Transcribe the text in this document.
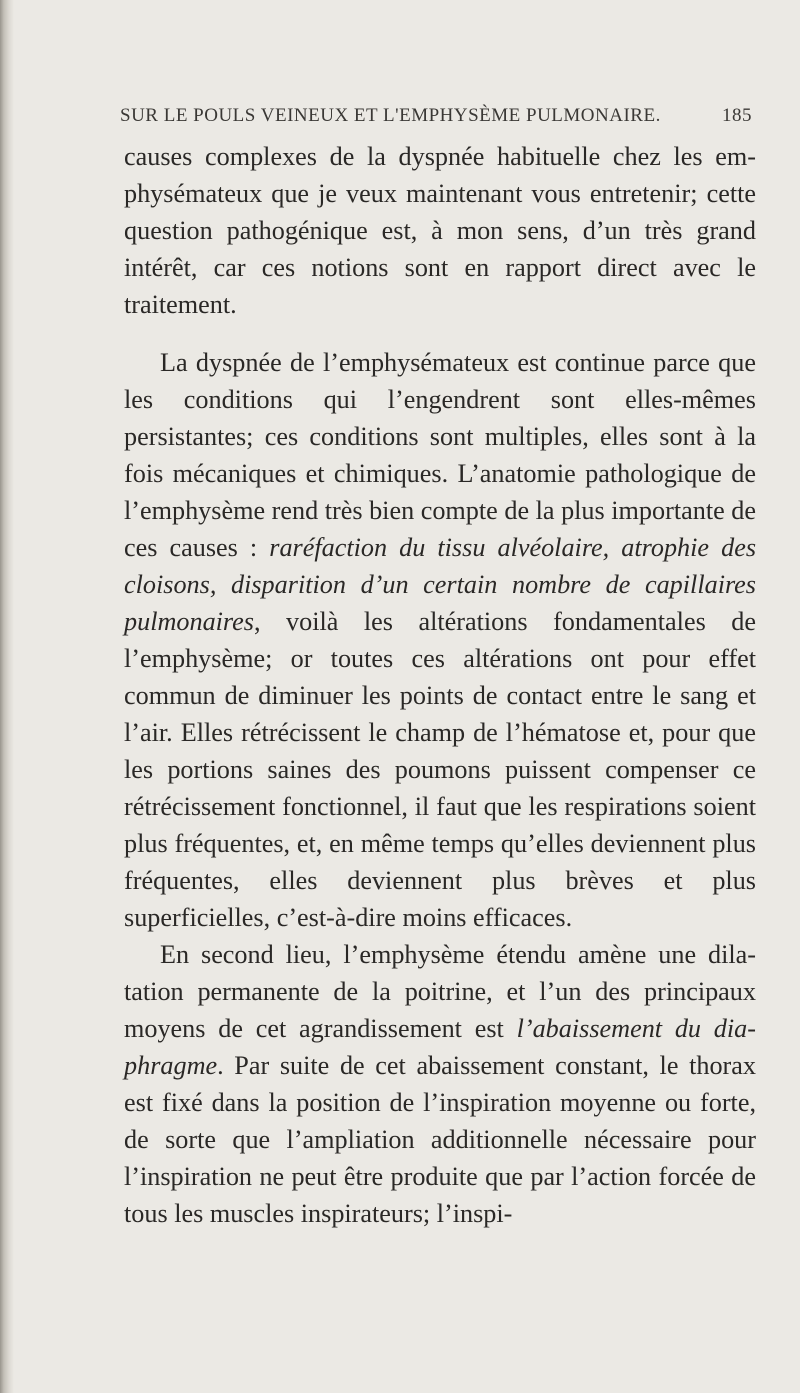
SUR LE POULS VEINEUX ET L'EMPHYSÈME PULMONAIRE.	185

causes complexes de la dyspnée habituelle chez les emphysémateux que je veux maintenant vous entretenir; cette question pathogénique est, à mon sens, d’un très grand intérêt, car ces notions sont en rapport direct avec le traitement.

La dyspnée de l’emphysémateux est continue parce que les conditions qui l’engendrent sont elles-mêmes persistantes; ces conditions sont multiples, elles sont à la fois mécaniques et chimiques. L’anatomie pathologique de l’emphysème rend très bien compte de la plus importante de ces causes : raréfaction du tissu alvéolaire, atrophie des cloisons, disparition d’un certain nombre de capillaires pulmonaires, voilà les altérations fondamentales de l’emphysème; or toutes ces altérations ont pour effet commun de diminuer les points de contact entre le sang et l’air. Elles rétrécissent le champ de l’hématose et, pour que les portions saines des poumons puissent compenser ce rétrécissement fonctionnel, il faut que les respirations soient plus fréquentes, et, en même temps qu’elles deviennent plus fréquentes, elles deviennent plus brèves et plus superficielles, c’est-à-dire moins efficaces.

En second lieu, l’emphysème étendu amène une dilatation permanente de la poitrine, et l’un des principaux moyens de cet agrandissement est l’abaissement du diaphragme. Par suite de cet abaissement constant, le thorax est fixé dans la position de l’inspiration moyenne ou forte, de sorte que l’ampliation additionnelle nécessaire pour l’inspiration ne peut être produite que par l’action forcée de tous les muscles inspirateurs; l’inspi-
